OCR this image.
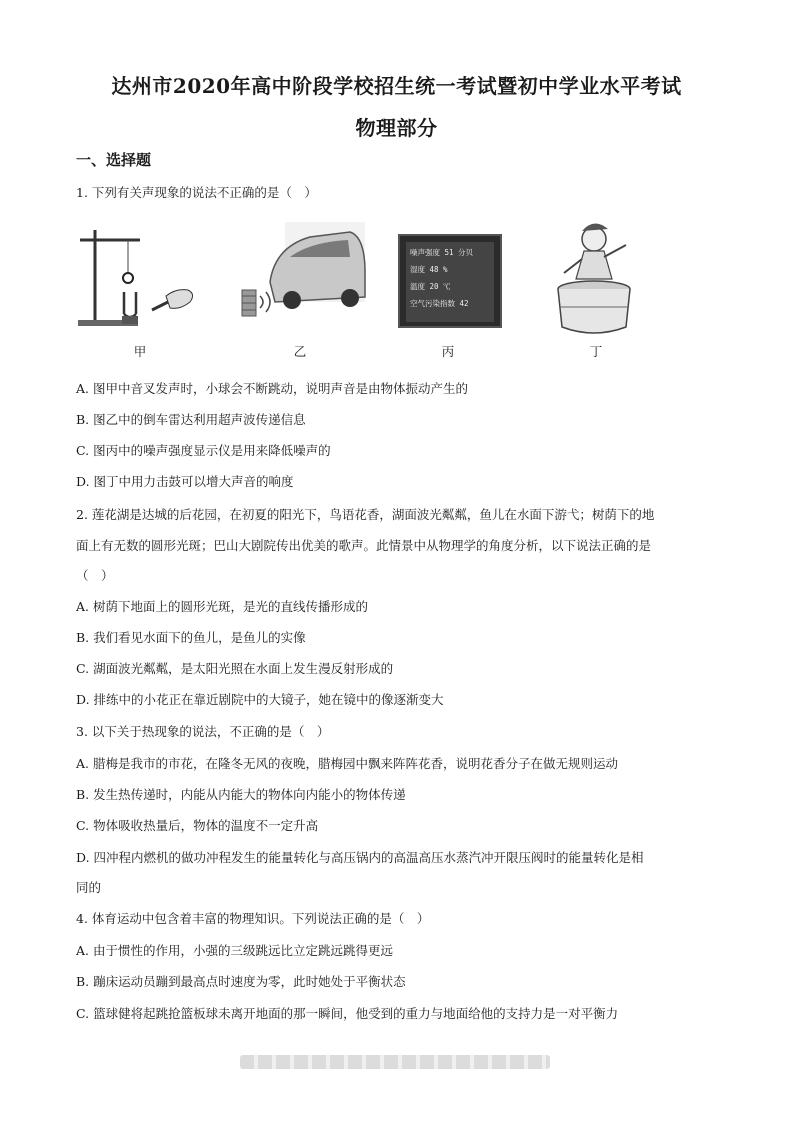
达州市2020年高中阶段学校招生统一考试暨初中学业水平考试
物理部分
一、选择题
1. 下列有关声现象的说法不正确的是（　）
甲	乙
噪声强度 51 分贝
湿度 48 %
温度 20 ℃
空气污染指数 42
丙	丁
A. 图甲中音叉发声时，小球会不断跳动，说明声音是由物体振动产生的
B. 图乙中的倒车雷达利用超声波传递信息
C. 图丙中的噪声强度显示仪是用来降低噪声的
D. 图丁中用力击鼓可以增大声音的响度
2. 莲花湖是达城的后花园，在初夏的阳光下，鸟语花香，湖面波光粼粼，鱼儿在水面下游弋；树荫下的地
面上有无数的圆形光斑；巴山大剧院传出优美的歌声。此情景中从物理学的角度分析，以下说法正确的是
（　）
A. 树荫下地面上的圆形光斑，是光的直线传播形成的
B. 我们看见水面下的鱼儿，是鱼儿的实像
C. 湖面波光粼粼，是太阳光照在水面上发生漫反射形成的
D. 排练中的小花正在靠近剧院中的大镜子，她在镜中的像逐渐变大
3. 以下关于热现象的说法，不正确的是（　）
A. 腊梅是我市的市花，在隆冬无风的夜晚，腊梅园中飘来阵阵花香，说明花香分子在做无规则运动
B. 发生热传递时，内能从内能大的物体向内能小的物体传递
C. 物体吸收热量后，物体的温度不一定升高
D. 四冲程内燃机的做功冲程发生的能量转化与高压锅内的高温高压水蒸汽冲开限压阀时的能量转化是相
同的
4. 体育运动中包含着丰富的物理知识。下列说法正确的是（　）
A. 由于惯性的作用，小强的三级跳远比立定跳远跳得更远
B. 蹦床运动员蹦到最高点时速度为零，此时她处于平衡状态
C. 篮球健将起跳抢篮板球未离开地面的那一瞬间，他受到的重力与地面给他的支持力是一对平衡力
